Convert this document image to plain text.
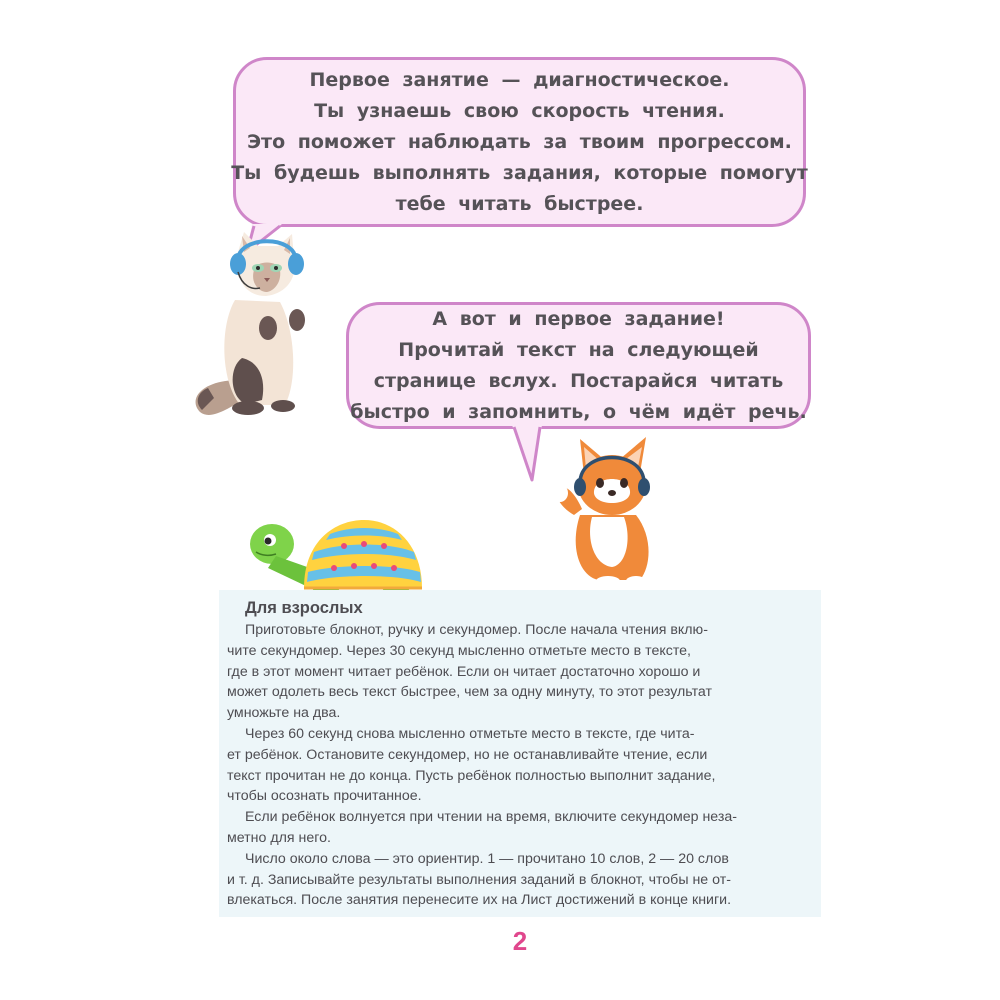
Первое занятие — диагностическое.
Ты узнаешь свою скорость чтения.
Это поможет наблюдать за твоим прогрессом.
Ты будешь выполнять задания, которые помогут
тебе читать быстрее.
А вот и первое задание!
Прочитай текст на следующей
странице вслух. Постарайся читать
быстро и запомнить, о чём идёт речь.
Для взрослых
Приготовьте блокнот, ручку и секундомер. После начала чтения вклю-
чите секундомер. Через 30 секунд мысленно отметьте место в тексте,
где в этот момент читает ребёнок. Если он читает достаточно хорошо и
может одолеть весь текст быстрее, чем за одну минуту, то этот результат
умножьте на два.
Через 60 секунд снова мысленно отметьте место в тексте, где чита-
ет ребёнок. Остановите секундомер, но не останавливайте чтение, если
текст прочитан не до конца. Пусть ребёнок полностью выполнит задание,
чтобы осознать прочитанное.
Если ребёнок волнуется при чтении на время, включите секундомер неза-
метно для него.
Число около слова — это ориентир. 1 — прочитано 10 слов, 2 — 20 слов
и т. д. Записывайте результаты выполнения заданий в блокнот, чтобы не от-
влекаться. После занятия перенесите их на Лист достижений в конце книги.
2
